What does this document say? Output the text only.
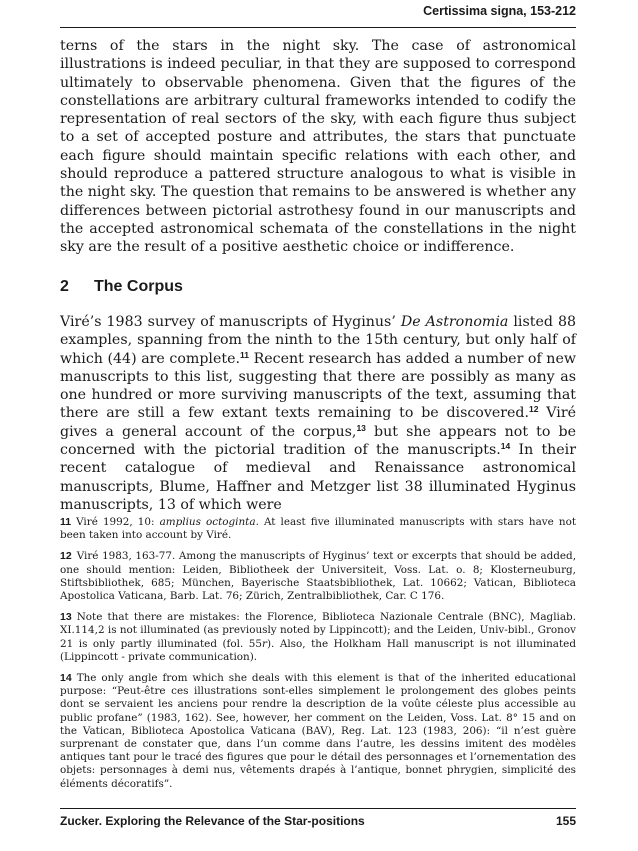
Certissima signa, 153-212

terns of the stars in the night sky. The case of astronomical illustrations is indeed peculiar, in that they are supposed to correspond ultimately to observable phenomena. Given that the figures of the constellations are arbitrary cultural frameworks intended to codify the representation of real sectors of the sky, with each figure thus subject to a set of accepted posture and attributes, the stars that punctuate each figure should maintain specific relations with each other, and should reproduce a pattered structure analogous to what is visible in the night sky. The question that remains to be answered is whether any differences between pictorial astrothesy found in our manuscripts and the accepted astronomical schemata of the constellations in the night sky are the result of a positive aesthetic choice or indifference.

2 The Corpus

Viré’s 1983 survey of manuscripts of Hyginus’ De Astronomia listed 88 examples, spanning from the ninth to the 15th century, but only half of which (44) are complete.$^{11}$ Recent research has added a number of new manuscripts to this list, suggesting that there are possibly as many as one hundred or more surviving manuscripts of the text, assuming that there are still a few extant texts remaining to be discovered.$^{12}$ Viré gives a general account of the corpus,$^{13}$ but she appears not to be concerned with the pictorial tradition of the manuscripts.$^{14}$ In their recent catalogue of medieval and Renaissance astronomical manuscripts, Blume, Haffner and Metzger list 38 illuminated Hyginus manuscripts, 13 of which were

11 Viré 1992, 10: amplius octoginta. At least five illuminated manuscripts with stars have not been taken into account by Viré.

12 Viré 1983, 163-77. Among the manuscripts of Hyginus’ text or excerpts that should be added, one should mention: Leiden, Bibliotheek der Universiteit, Voss. Lat. o. 8; Klosterneuburg, Stiftsbibliothek, 685; München, Bayerische Staatsbibliothek, Lat. 10662; Vatican, Biblioteca Apostolica Vaticana, Barb. Lat. 76; Zürich, Zentralbibliothek, Car. C 176.

13 Note that there are mistakes: the Florence, Biblioteca Nazionale Centrale (BNC), Magliab. XI.114,2 is not illuminated (as previously noted by Lippincott); and the Leiden, Univ-bibl., Gronov 21 is only partly illuminated (fol. 55r). Also, the Holkham Hall manuscript is not illuminated (Lippincott - private communication).

14 The only angle from which she deals with this element is that of the inherited educational purpose: “Peut-être ces illustrations sont-elles simplement le prolongement des globes peints dont se servaient les anciens pour rendre la description de la voûte céleste plus accessible au public profane” (1983, 162). See, however, her comment on the Leiden, Voss. Lat. 8° 15 and on the Vatican, Biblioteca Apostolica Vaticana (BAV), Reg. Lat. 123 (1983, 206): “il n’est guère surprenant de constater que, dans l’un comme dans l’autre, les dessins imitent des modèles antiques tant pour le tracé des figures que pour le détail des personnages et l’ornementation des objets: personnages à demi nus, vêtements drapés à l’antique, bonnet phrygien, simplicité des éléments décoratifs”.

Zucker. Exploring the Relevance of the Star-positions	155
